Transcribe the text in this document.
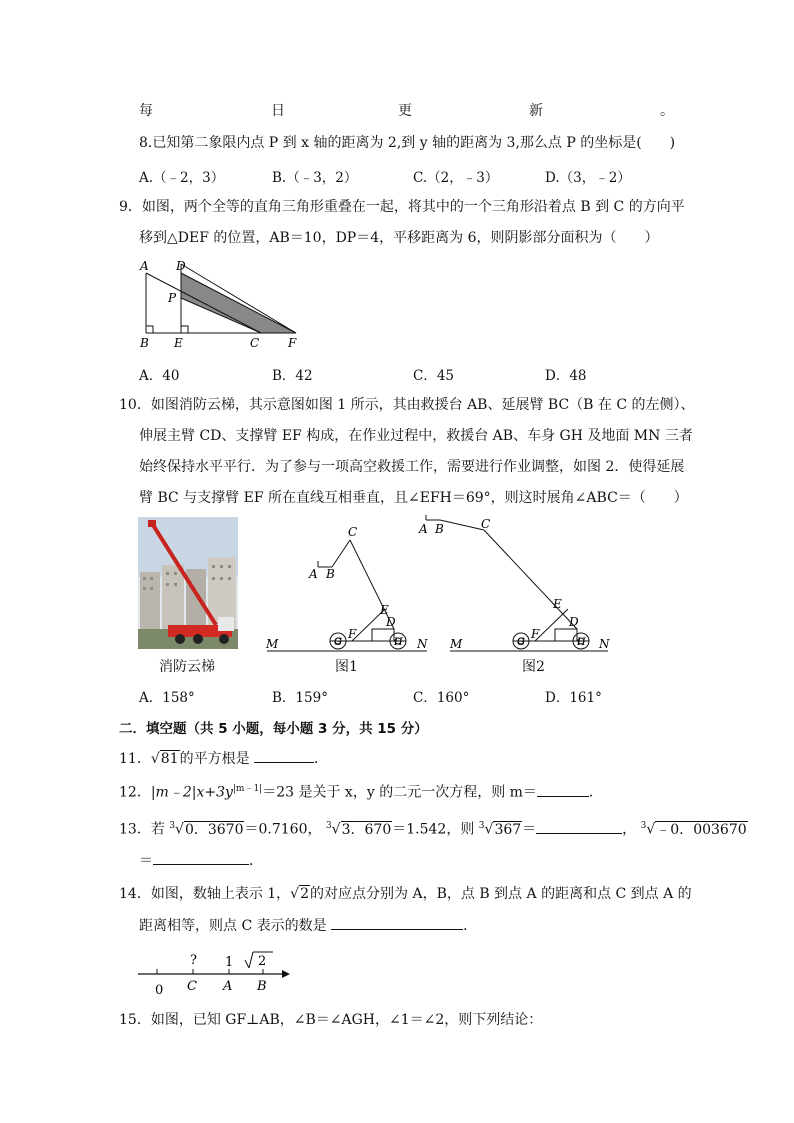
每	日	更	新	。
8.已知第二象限内点 P 到 x 轴的距离为 2,到 y 轴的距离为 3,那么点 P 的坐标是(　　)
A.（﹣2，3）	B.（﹣3，2）	C.（2，﹣3）	D.（3，﹣2）
9．如图，两个全等的直角三角形重叠在一起，将其中的一个三角形沿着点 B 到 C 的方向平
移到△DEF 的位置，AB＝10，DP＝4，平移距离为 6，则阴影部分面积为（　　）
A D
P
B E	C F
A．40	B．42	C．45	D．48
10．如图消防云梯，其示意图如图 1 所示，其由救援台 AB、延展臂 BC（B 在 C 的左侧）、
伸展主臂 CD、支撑臂 EF 构成，在作业过程中，救援台 AB、车身 GH 及地面 MN 三者
始终保持水平平行．为了参与一项高空救援工作，需要进行作业调整，如图 2．使得延展
臂 BC 与支撑臂 EF 所在直线互相垂直，且∠EFH＝69°，则这时展角∠ABC＝（　　）
消防云梯
A B
C
D
E
F
G	H
M	N
图1
A B	C
D
E
F
G	H
M	N
图2
A．158°	B．159°	C．160°	D．161°
二．填空题（共 5 小题，每小题 3 分，共 15 分）
11．√81的平方根是	．
12．$|m﹣2|x+3y^{|m﹣1|}=23$ 是关于 x，y 的二元一次方程，则 m＝	．
13．若 $^3$√0．3670＝0.7160， $^3$√3．670＝1.542，则 $^3$√367＝	， $^3$√﹣0．003670
＝	．
14．如图，数轴上表示 1，√2的对应点分别为 A，B，点 B 到点 A 的距离和点 C 到点 A 的
距离相等，则点 C 表示的数是	．
? 1 2
0 C A B
15．如图，已知 GF⊥AB，∠B＝∠AGH，∠1＝∠2，则下列结论：
